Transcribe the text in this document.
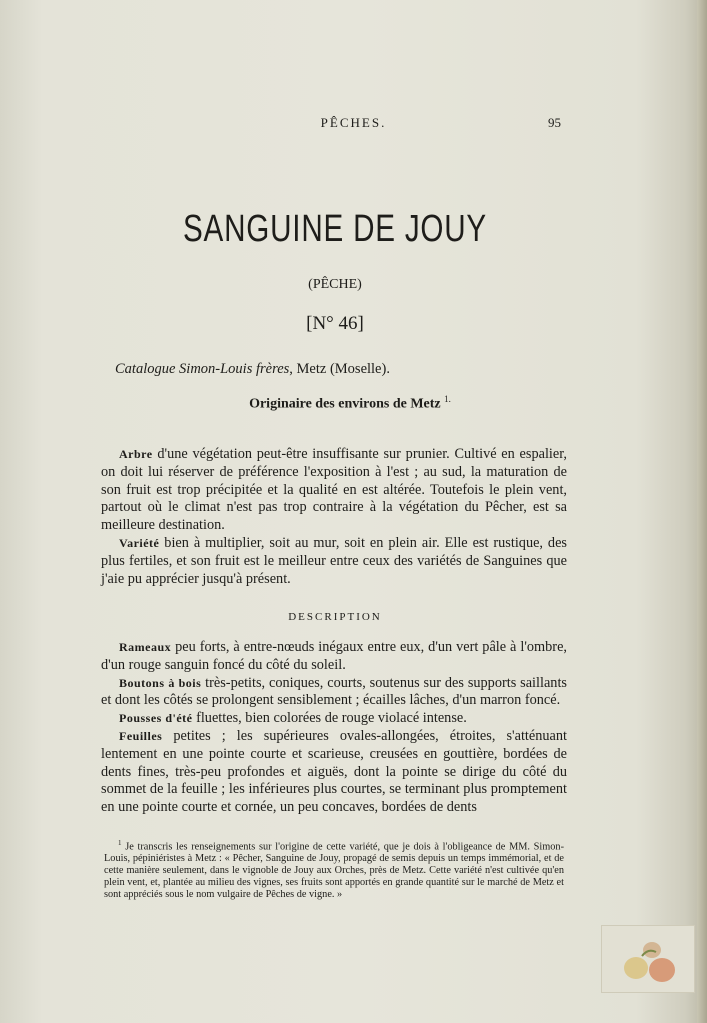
PÊCHES.	95
SANGUINE DE JOUY
(PÊCHE)
[N° 46]
Catalogue Simon-Louis frères, Metz (Moselle).
Originaire des environs de Metz $^{1.}$

Arbre d'une végétation peut-être insuffisante sur prunier. Cultivé en espalier, on doit lui réserver de préférence l'exposition à l'est ; au sud, la maturation de son fruit est trop précipitée et la qualité en est altérée. Toutefois le plein vent, partout où le climat n'est pas trop contraire à la végétation du Pêcher, est sa meilleure destination.

Variété bien à multiplier, soit au mur, soit en plein air. Elle est rustique, des plus fertiles, et son fruit est le meilleur entre ceux des variétés de Sanguines que j'aie pu apprécier jusqu'à présent.

DESCRIPTION

Rameaux peu forts, à entre-nœuds inégaux entre eux, d'un vert pâle à l'ombre, d'un rouge sanguin foncé du côté du soleil.

Boutons à bois très-petits, coniques, courts, soutenus sur des supports saillants et dont les côtés se prolongent sensiblement ; écailles lâches, d'un marron foncé.

Pousses d'été fluettes, bien colorées de rouge violacé intense.

Feuilles petites ; les supérieures ovales-allongées, étroites, s'atténuant lentement en une pointe courte et scarieuse, creusées en gouttière, bordées de dents fines, très-peu profondes et aiguës, dont la pointe se dirige du côté du sommet de la feuille ; les inférieures plus courtes, se terminant plus promptement en une pointe courte et cornée, un peu concaves, bordées de dents

$^1$ Je transcris les renseignements sur l'origine de cette variété, que je dois à l'obligeance de MM. Simon-Louis, pépiniéristes à Metz : « Pêcher, Sanguine de Jouy, propagé de semis depuis un temps immémorial, et de cette manière seulement, dans le vignoble de Jouy aux Orches, près de Metz. Cette variété n'est cultivée qu'en plein vent, et, plantée au milieu des vignes, ses fruits sont apportés en grande quantité sur le marché de Metz et sont appréciés sous le nom vulgaire de Pêches de vigne. »
